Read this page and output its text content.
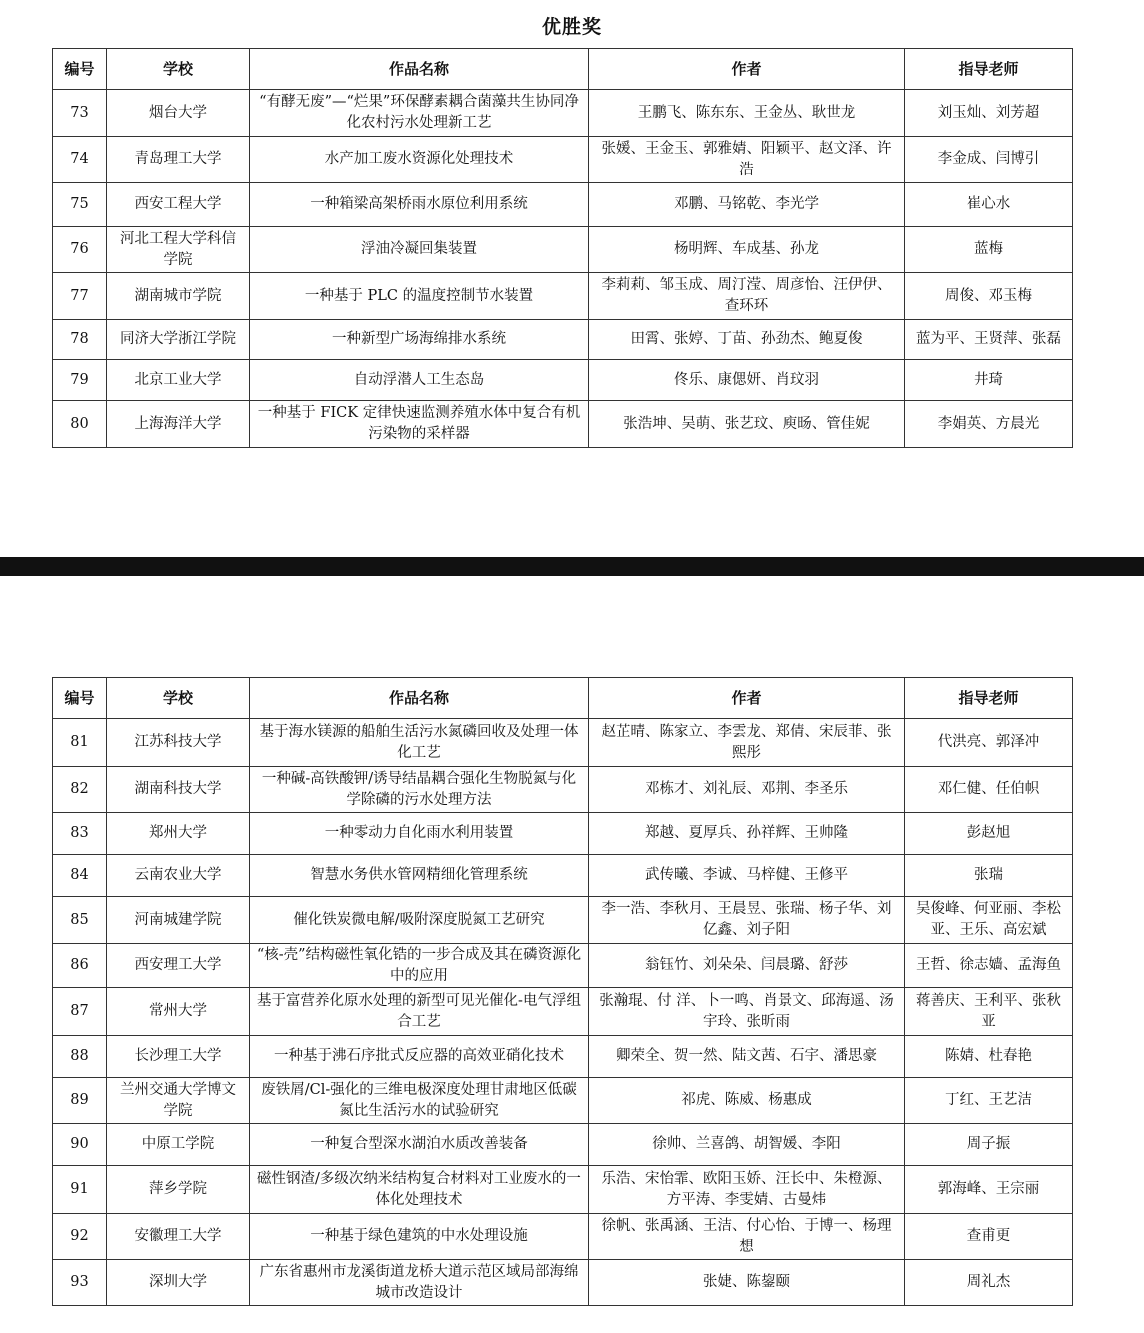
优胜奖
编号	学校	作品名称	作者	指导老师
73	烟台大学	“有酵无废”—“烂果”环保酵素耦合菌藻共生协同净化农村污水处理新工艺	王鹏飞、陈东东、王金丛、耿世龙	刘玉灿、刘芳超
74	青岛理工大学	水产加工废水资源化处理技术	张媛、王金玉、郭雅婧、阳颖平、赵文泽、许浩	李金成、闫博引
75	西安工程大学	一种箱梁高架桥雨水原位利用系统	邓鹏、马铭乾、李光学	崔心水
76	河北工程大学科信学院	浮油冷凝回集装置	杨明辉、车成基、孙龙	蓝梅
77	湖南城市学院	一种基于 PLC 的温度控制节水装置	李莉莉、邹玉成、周汀滢、周彦怡、汪伊伊、查环环	周俊、邓玉梅
78	同济大学浙江学院	一种新型广场海绵排水系统	田霄、张婷、丁苗、孙劲杰、鲍夏俊	蓝为平、王贤萍、张磊
79	北京工业大学	自动浮潜人工生态岛	佟乐、康偲妍、肖玟羽	井琦
80	上海海洋大学	一种基于 FICK 定律快速监测养殖水体中复合有机污染物的采样器	张浩坤、吴萌、张艺玟、庾旸、管佳妮	李娟英、方晨光
编号	学校	作品名称	作者	指导老师
81	江苏科技大学	基于海水镁源的船舶生活污水氮磷回收及处理一体化工艺	赵芷晴、陈家立、李雲龙、郑倩、宋辰菲、张熙彤	代洪亮、郭泽冲
82	湖南科技大学	一种碱-高铁酸钾/诱导结晶耦合强化生物脱氮与化学除磷的污水处理方法	邓栋才、刘礼辰、邓荆、李圣乐	邓仁健、任伯帜
83	郑州大学	一种零动力自化雨水利用装置	郑越、夏厚兵、孙祥辉、王帅隆	彭赵旭
84	云南农业大学	智慧水务供水管网精细化管理系统	武传曦、李诚、马梓健、王修平	张瑞
85	河南城建学院	催化铁炭微电解/吸附深度脱氮工艺研究	李一浩、李秋月、王晨昱、张瑞、杨子华、刘亿鑫、刘子阳	吴俊峰、何亚丽、李松亚、王乐、高宏斌
86	西安理工大学	“核-壳”结构磁性氧化锆的一步合成及其在磷资源化中的应用	翁钰竹、刘朵朵、闫晨璐、舒莎	王哲、徐志嫱、孟海鱼
87	常州大学	基于富营养化原水处理的新型可见光催化-电气浮组合工艺	张瀚琨、付 洋、卜一鸣、肖景文、邱海遥、汤宇玲、张昕雨	蒋善庆、王利平、张秋亚
88	长沙理工大学	一种基于沸石序批式反应器的高效亚硝化技术	卿荣全、贺一然、陆文茜、石宇、潘思豪	陈婧、杜春艳
89	兰州交通大学博文学院	废铁屑/Cl-强化的三维电极深度处理甘肃地区低碳氮比生活污水的试验研究	祁虎、陈威、杨惠成	丁红、王艺洁
90	中原工学院	一种复合型深水湖泊水质改善装备	徐帅、兰喜鸽、胡智媛、李阳	周子振
91	萍乡学院	磁性钢渣/多级次纳米结构复合材料对工业废水的一体化处理技术	乐浩、宋怡霏、欧阳玉娇、汪长中、朱橙源、方平涛、李雯婧、古曼炜	郭海峰、王宗丽
92	安徽理工大学	一种基于绿色建筑的中水处理设施	徐帆、张禹涵、王洁、付心怡、于博一、杨理想	查甫更
93	深圳大学	广东省惠州市龙溪街道龙桥大道示范区域局部海绵城市改造设计	张婕、陈鋆颐	周礼杰
